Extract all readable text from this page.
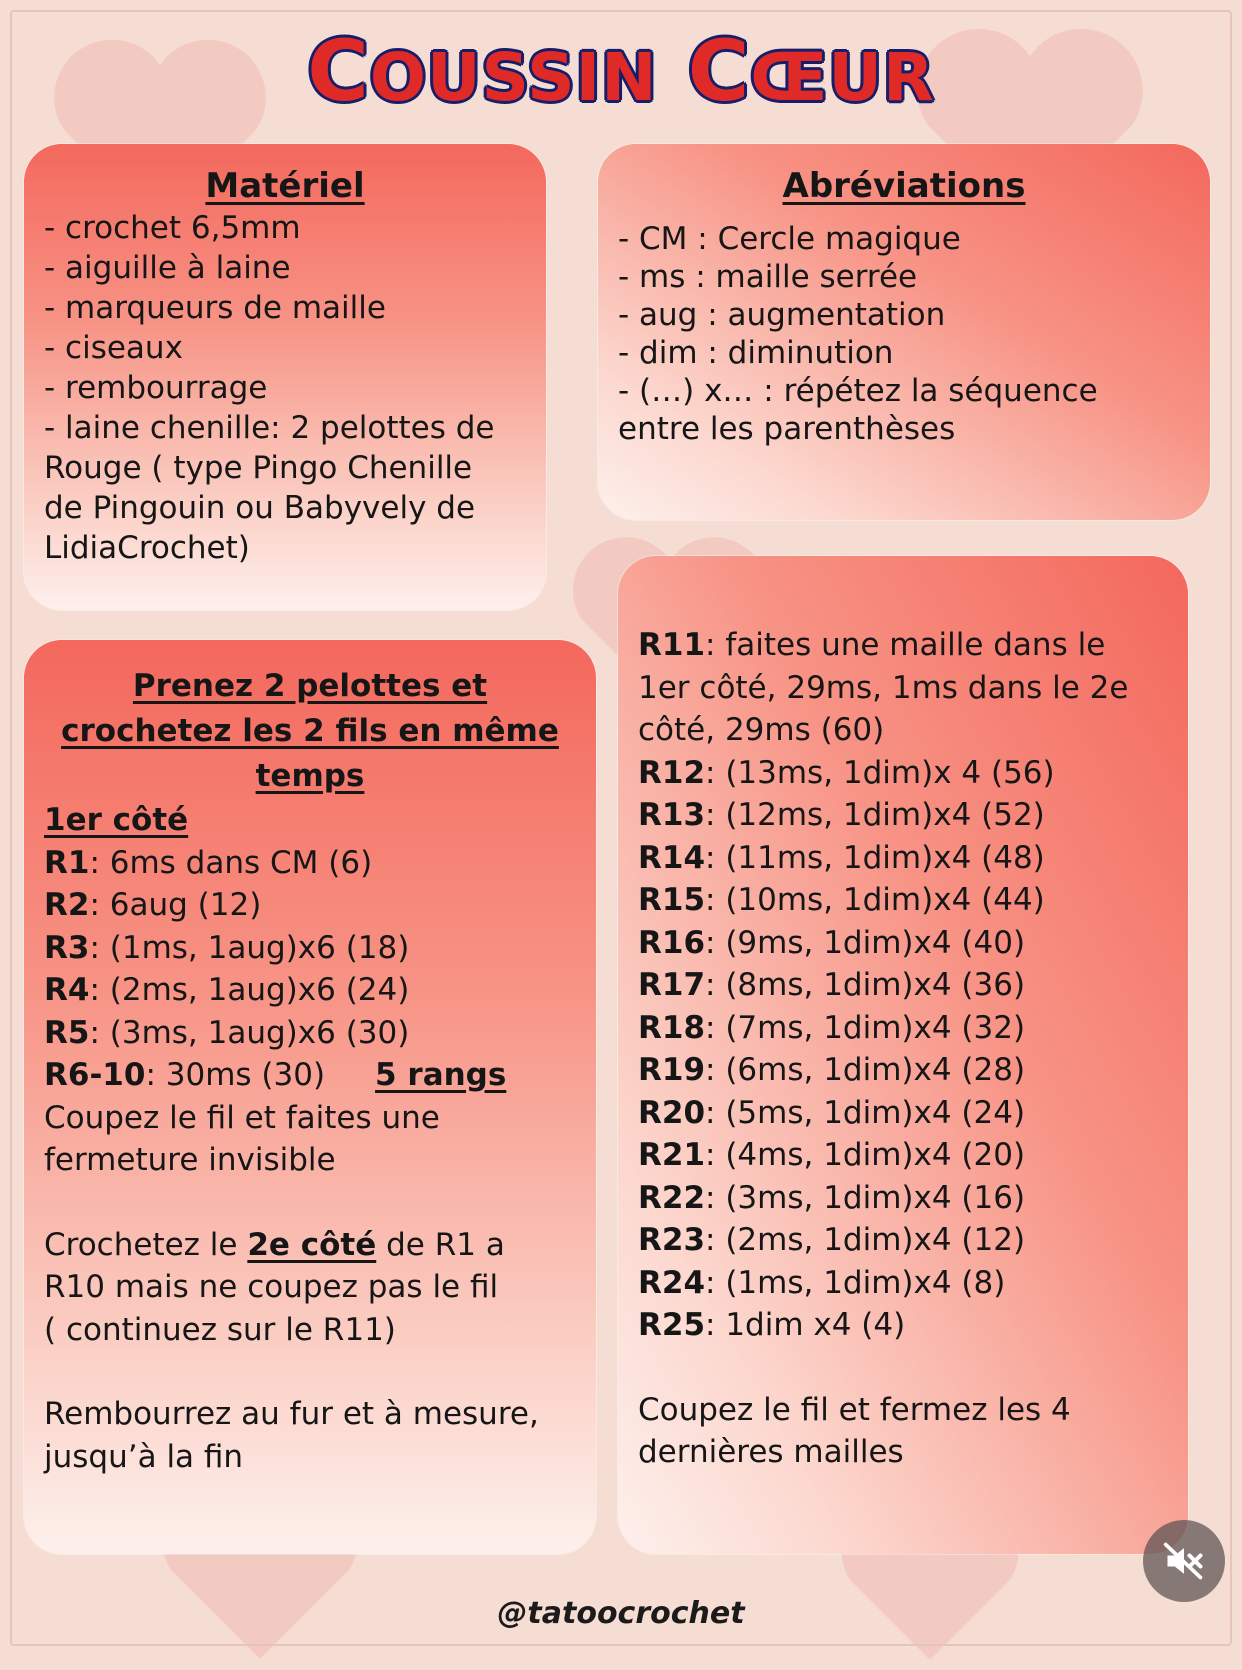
COUSSIN CŒUR

Matériel

- crochet 6,5mm

- aiguille à laine

- marqueurs de maille

- ciseaux

- rembourrage

- laine chenille: 2 pelottes de

Rouge ( type Pingo Chenille

de Pingouin ou Babyvely de

LidiaCrochet)

Abréviations

- CM : Cercle magique

- ms : maille serrée

- aug : augmentation

- dim : diminution

- (…) x… : répétez la séquence

entre les parenthèses

Prenez 2 pelottes et
crochetez les 2 fils en même
temps

1er côté

R1: 6ms dans CM (6)

R2: 6aug (12)

R3: (1ms, 1aug)x6 (18)

R4: (2ms, 1aug)x6 (24)

R5: (3ms, 1aug)x6 (30)

R6-10: 30ms (30) 5 rangs

Coupez le fil et faites une

fermeture invisible

Crochetez le 2e côté de R1 a

R10 mais ne coupez pas le fil

( continuez sur le R11)

Rembourrez au fur et à mesure,

jusqu’à la fin

R11: faites une maille dans le

1er côté, 29ms, 1ms dans le 2e

côté, 29ms (60)

R12: (13ms, 1dim)x 4 (56)

R13: (12ms, 1dim)x4 (52)

R14: (11ms, 1dim)x4 (48)

R15: (10ms, 1dim)x4 (44)

R16: (9ms, 1dim)x4 (40)

R17: (8ms, 1dim)x4 (36)

R18: (7ms, 1dim)x4 (32)

R19: (6ms, 1dim)x4 (28)

R20: (5ms, 1dim)x4 (24)

R21: (4ms, 1dim)x4 (20)

R22: (3ms, 1dim)x4 (16)

R23: (2ms, 1dim)x4 (12)

R24: (1ms, 1dim)x4 (8)

R25: 1dim x4 (4)

Coupez le fil et fermez les 4

dernières mailles

@tatoocrochet
